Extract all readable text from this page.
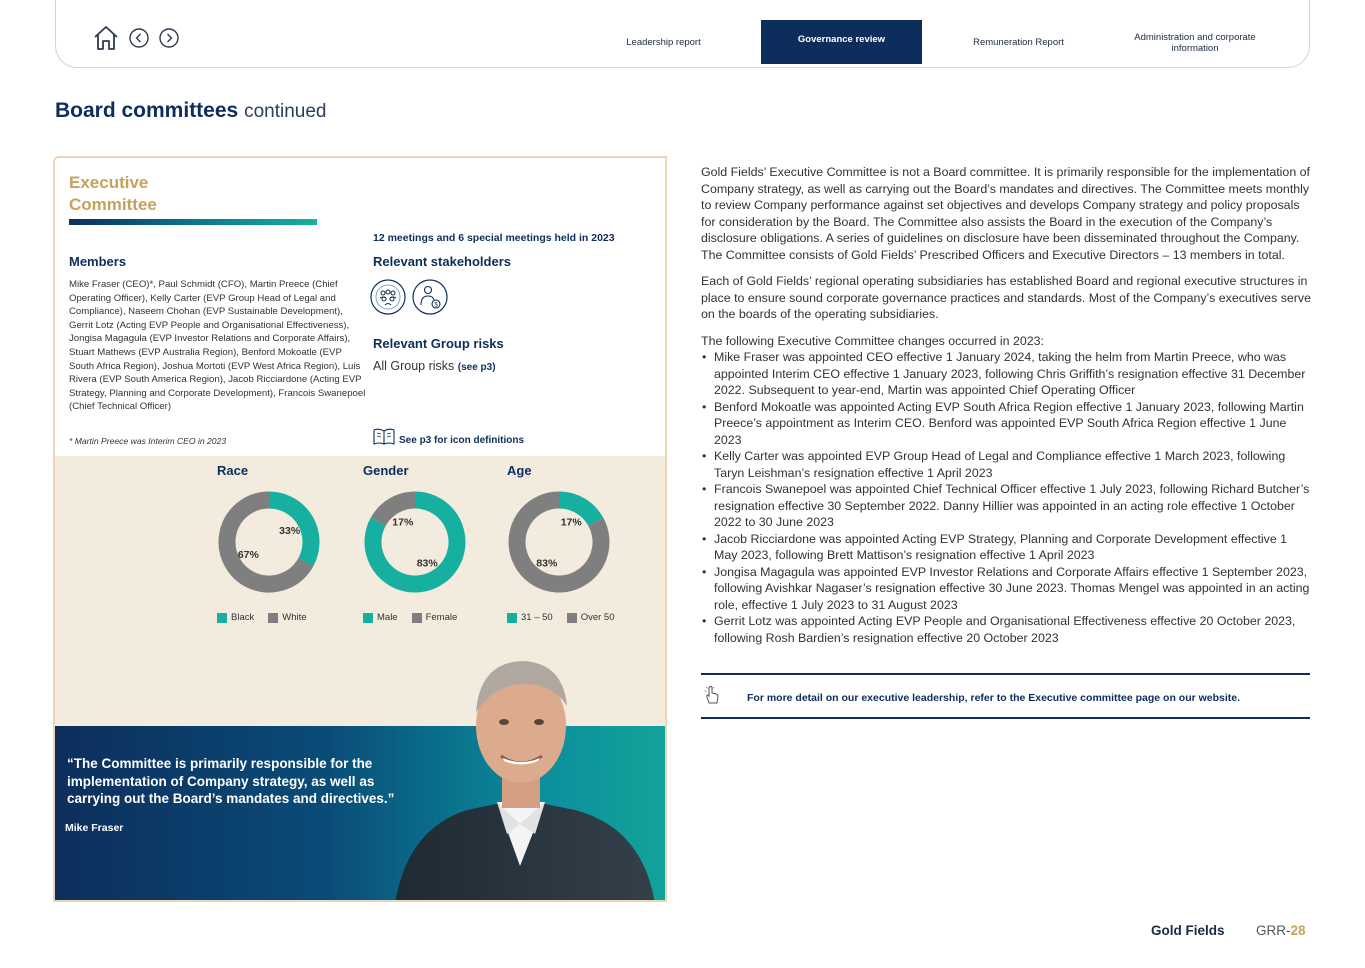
Leadership report	Governance review	Remuneration Report	Administration and corporate information
Board committees continued
Executive
Committee
Members
Mike Fraser (CEO)*, Paul Schmidt (CFO), Martin Preece (Chief Operating Officer), Kelly Carter (EVP Group Head of Legal and Compliance), Naseem Chohan (EVP Sustainable Development), Gerrit Lotz (Acting EVP People and Organisational Effectiveness), Jongisa Magagula (EVP Investor Relations and Corporate Affairs), Stuart Mathews (EVP Australia Region), Benford Mokoatle (EVP South Africa Region), Joshua Mortoti (EVP West Africa Region), Luis Rivera (EVP South America Region), Jacob Ricciardone (Acting EVP Strategy, Planning and Corporate Development), Francois Swanepoel (Chief Technical Officer)
* Martin Preece was Interim CEO in 2023
12 meetings and 6 special meetings held in 2023
Relevant stakeholders
$
Relevant Group risks
All Group risks (see p3)
See p3 for icon definitions
Race
33%
67%
Black	White
Gender
83%
17%
Male	Female
Age
17%
83%
31 – 50	Over 50
“The Committee is primarily responsible for the implementation of Company strategy, as well as carrying out the Board’s mandates and directives.”
Mike Fraser

Gold Fields’ Executive Committee is not a Board committee. It is primarily responsible for the implementation of Company strategy, as well as carrying out the Board’s mandates and directives. The Committee meets monthly to review Company performance against set objectives and develops Company strategy and policy proposals for consideration by the Board. The Committee also assists the Board in the execution of the Company’s disclosure obligations. A series of guidelines on disclosure have been disseminated throughout the Company. The Committee consists of Gold Fields’ Prescribed Officers and Executive Directors – 13 members in total.

Each of Gold Fields’ regional operating subsidiaries has established Board and regional executive structures in place to ensure sound corporate governance practices and standards. Most of the Company’s executives serve on the boards of the operating subsidiaries.

The following Executive Committee changes occurred in 2023:
• Mike Fraser was appointed CEO effective 1 January 2024, taking the helm from Martin Preece, who was appointed Interim CEO effective 1 January 2023, following Chris Griffith’s resignation effective 31 December 2022. Subsequent to year-end, Martin was appointed Chief Operating Officer
• Benford Mokoatle was appointed Acting EVP South Africa Region effective 1 January 2023, following Martin Preece’s appointment as Interim CEO. Benford was appointed EVP South Africa Region effective 1 June 2023
• Kelly Carter was appointed EVP Group Head of Legal and Compliance effective 1 March 2023, following Taryn Leishman’s resignation effective 1 April 2023
• Francois Swanepoel was appointed Chief Technical Officer effective 1 July 2023, following Richard Butcher’s resignation effective 30 September 2022. Danny Hillier was appointed in an acting role effective 1 October 2022 to 30 June 2023
• Jacob Ricciardone was appointed Acting EVP Strategy, Planning and Corporate Development effective 1 May 2023, following Brett Mattison’s resignation effective 1 April 2023
• Jongisa Magagula was appointed EVP Investor Relations and Corporate Affairs effective 1 September 2023, following Avishkar Nagaser’s resignation effective 30 June 2023. Thomas Mengel was appointed in an acting role, effective 1 July 2023 to 31 August 2023
• Gerrit Lotz was appointed Acting EVP People and Organisational Effectiveness effective 20 October 2023, following Rosh Bardien’s resignation effective 20 October 2023
For more detail on our executive leadership, refer to the Executive committee page on our website.
Gold Fields GRR-28
